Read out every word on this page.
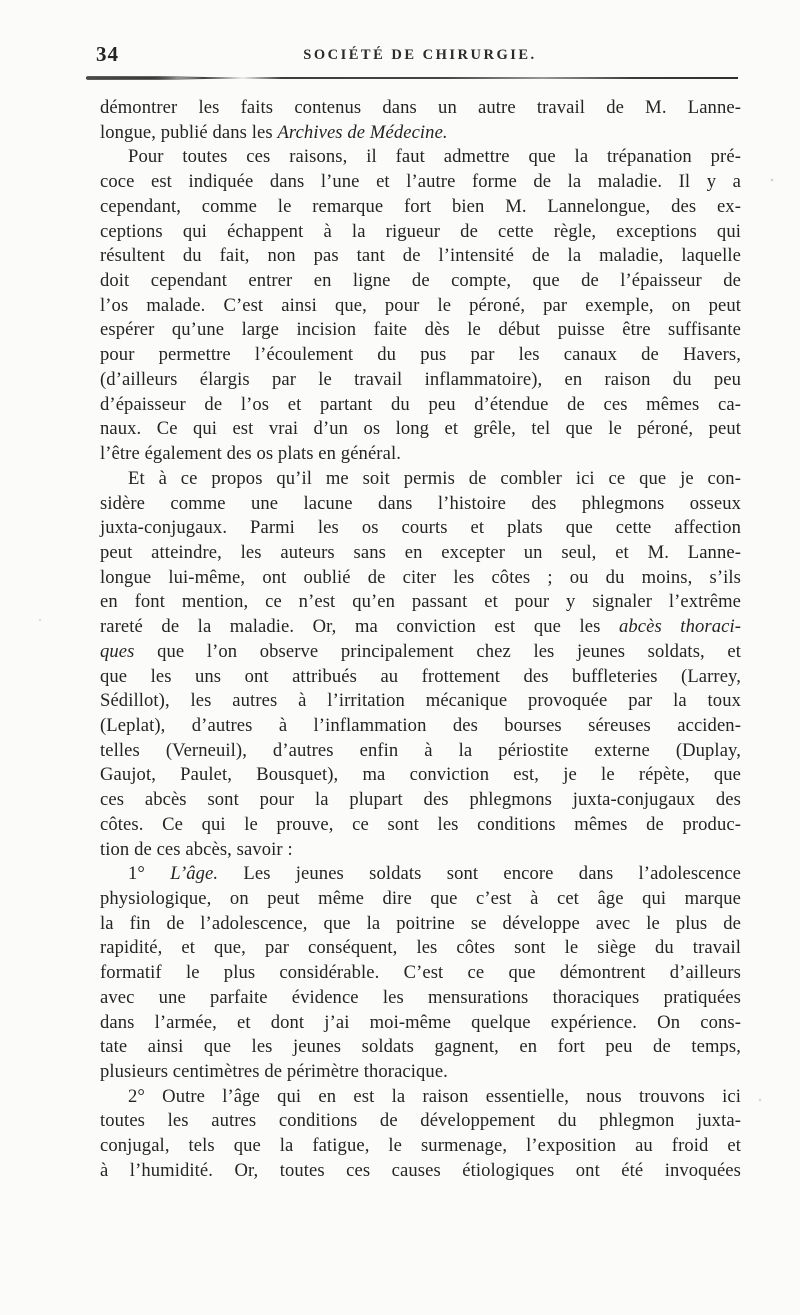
34	SOCIÉTÉ DE CHIRURGIE.
démontrer les faits contenus dans un autre travail de M. Lanne-
longue, publié dans les Archives de Médecine.
Pour toutes ces raisons, il faut admettre que la trépanation pré-
coce est indiquée dans l’une et l’autre forme de la maladie. Il y a
cependant, comme le remarque fort bien M. Lannelongue, des ex-
ceptions qui échappent à la rigueur de cette règle, exceptions qui
résultent du fait, non pas tant de l’intensité de la maladie, laquelle
doit cependant entrer en ligne de compte, que de l’épaisseur de
l’os malade. C’est ainsi que, pour le péroné, par exemple, on peut
espérer qu’une large incision faite dès le début puisse être suffisante
pour permettre l’écoulement du pus par les canaux de Havers,
(d’ailleurs élargis par le travail inflammatoire), en raison du peu
d’épaisseur de l’os et partant du peu d’étendue de ces mêmes ca-
naux. Ce qui est vrai d’un os long et grêle, tel que le péroné, peut
l’être également des os plats en général.
Et à ce propos qu’il me soit permis de combler ici ce que je con-
sidère comme une lacune dans l’histoire des phlegmons osseux
juxta-conjugaux. Parmi les os courts et plats que cette affection
peut atteindre, les auteurs sans en excepter un seul, et M. Lanne-
longue lui-même, ont oublié de citer les côtes ; ou du moins, s’ils
en font mention, ce n’est qu’en passant et pour y signaler l’extrême
rareté de la maladie. Or, ma conviction est que les abcès thoraci-
ques que l’on observe principalement chez les jeunes soldats, et
que les uns ont attribués au frottement des buffleteries (Larrey,
Sédillot), les autres à l’irritation mécanique provoquée par la toux
(Leplat), d’autres à l’inflammation des bourses séreuses acciden-
telles (Verneuil), d’autres enfin à la périostite externe (Duplay,
Gaujot, Paulet, Bousquet), ma conviction est, je le répète, que
ces abcès sont pour la plupart des phlegmons juxta-conjugaux des
côtes. Ce qui le prouve, ce sont les conditions mêmes de produc-
tion de ces abcès, savoir :
1° L’âge. Les jeunes soldats sont encore dans l’adolescence
physiologique, on peut même dire que c’est à cet âge qui marque
la fin de l’adolescence, que la poitrine se développe avec le plus de
rapidité, et que, par conséquent, les côtes sont le siège du travail
formatif le plus considérable. C’est ce que démontrent d’ailleurs
avec une parfaite évidence les mensurations thoraciques pratiquées
dans l’armée, et dont j’ai moi-même quelque expérience. On cons-
tate ainsi que les jeunes soldats gagnent, en fort peu de temps,
plusieurs centimètres de périmètre thoracique.
2° Outre l’âge qui en est la raison essentielle, nous trouvons ici
toutes les autres conditions de développement du phlegmon juxta-
conjugal, tels que la fatigue, le surmenage, l’exposition au froid et
à l’humidité. Or, toutes ces causes étiologiques ont été invoquées
